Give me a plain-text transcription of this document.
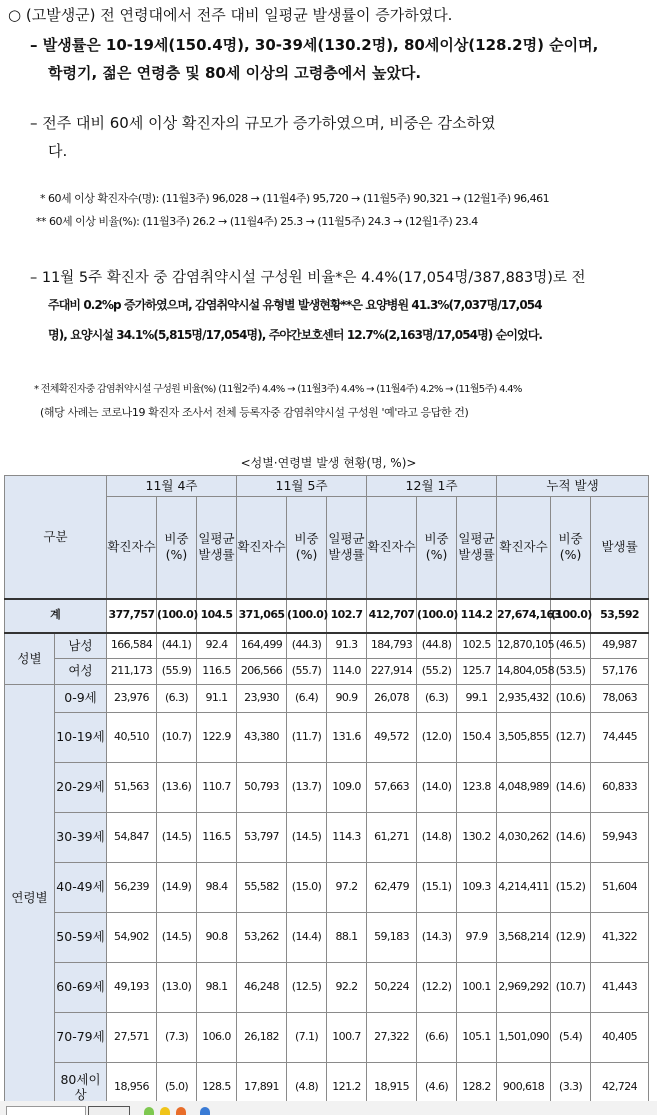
○ (고발생군) 전 연령대에서 전주 대비 일평균 발생률이 증가하였다.
– 발생률은 10-19세(150.4명), 30-39세(130.2명), 80세이상(128.2명) 순이며,
학령기, 젊은 연령층 및 80세 이상의 고령층에서 높았다.
– 전주 대비 60세 이상 확진자의 규모가 증가하였으며, 비중은 감소하였
다.
* 60세 이상 확진자수(명): (11월3주) 96,028 → (11월4주) 95,720 → (11월5주) 90,321 → (12월1주) 96,461
** 60세 이상 비율(%): (11월3주) 26.2 → (11월4주) 25.3 → (11월5주) 24.3 → (12월1주) 23.4
– 11월 5주 확진자 중 감염취약시설 구성원 비율*은 4.4%(17,054명/387,883명)로 전
주대비 0.2%p 증가하였으며, 감염취약시설 유형별 발생현황**은 요양병원 41.3%(7,037명/17,054
명), 요양시설 34.1%(5,815명/17,054명), 주야간보호센터 12.7%(2,163명/17,054명) 순이었다.
* 전체확진자중 감염취약시설 구성원 비율(%) (11월2주) 4.4% → (11월3주) 4.4% → (11월4주) 4.2% → (11월5주) 4.4%
(해당 사례는 코로나19 확진자 조사서 전체 등록자중 감염취약시설 구성원 '예'라고 응답한 건)
<성별·연령별 발생 현황(명, %)>
구분		11월 4주			11월 5주			12월 1주			누적 발생		
		확진자수	비중(%)	일평균 발생률	확진자수	비중(%)	일평균 발생률	확진자수	비중(%)	일평균 발생률	확진자수	비중(%)	발생률
계		377,757	(100.0)	104.5	371,065	(100.0)	102.7	412,707	(100.0)	114.2	27,674,163	(100.0)	53,592
성별	남성	166,584	(44.1)	92.4	164,499	(44.3)	91.3	184,793	(44.8)	102.5	12,870,105	(46.5)	49,987
	여성	211,173	(55.9)	116.5	206,566	(55.7)	114.0	227,914	(55.2)	125.7	14,804,058	(53.5)	57,176
연령별	0-9세	23,976	(6.3)	91.1	23,930	(6.4)	90.9	26,078	(6.3)	99.1	2,935,432	(10.6)	78,063
	10-19세	40,510	(10.7)	122.9	43,380	(11.7)	131.6	49,572	(12.0)	150.4	3,505,855	(12.7)	74,445
	20-29세	51,563	(13.6)	110.7	50,793	(13.7)	109.0	57,663	(14.0)	123.8	4,048,989	(14.6)	60,833
	30-39세	54,847	(14.5)	116.5	53,797	(14.5)	114.3	61,271	(14.8)	130.2	4,030,262	(14.6)	59,943
	40-49세	56,239	(14.9)	98.4	55,582	(15.0)	97.2	62,479	(15.1)	109.3	4,214,411	(15.2)	51,604
	50-59세	54,902	(14.5)	90.8	53,262	(14.4)	88.1	59,183	(14.3)	97.9	3,568,214	(12.9)	41,322
	60-69세	49,193	(13.0)	98.1	46,248	(12.5)	92.2	50,224	(12.2)	100.1	2,969,292	(10.7)	41,443
	70-79세	27,571	(7.3)	106.0	26,182	(7.1)	100.7	27,322	(6.6)	105.1	1,501,090	(5.4)	40,405
	80세이상	18,956	(5.0)	128.5	17,891	(4.8)	121.2	18,915	(4.6)	128.2	900,618	(3.3)	42,724
